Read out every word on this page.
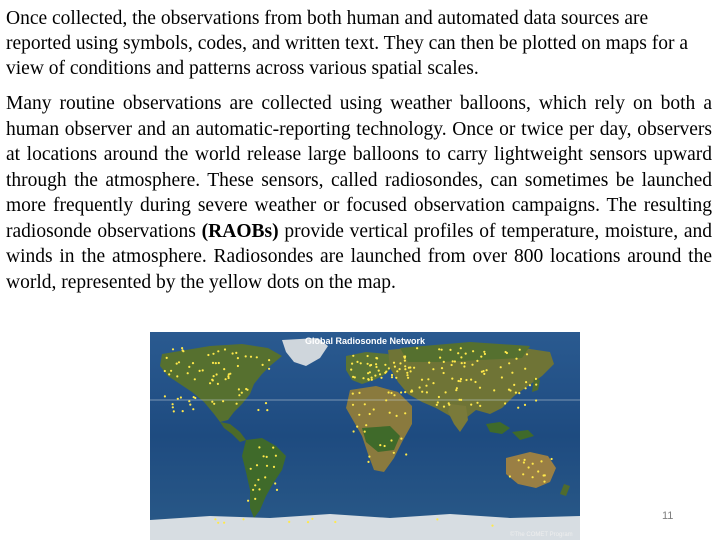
Once collected, the observations from both human and automated data sources are reported using symbols, codes, and written text. They can then be plotted on maps for a view of conditions and patterns across various spatial scales.

Many routine observations are collected using weather balloons, which rely on both a human observer and an automatic-reporting technology. Once or twice per day, observers at locations around the world release large balloons to carry lightweight sensors upward through the atmosphere. These sensors, called radiosondes, can sometimes be launched more frequently during severe weather or focused observation campaigns. The resulting radiosonde observations (RAOBs) provide vertical profiles of temperature, moisture, and winds in the atmosphere. Radiosondes are launched from over 800 locations around the world, represented by the yellow dots on the map.

Global Radiosonde Network
©The COMET Program
11
